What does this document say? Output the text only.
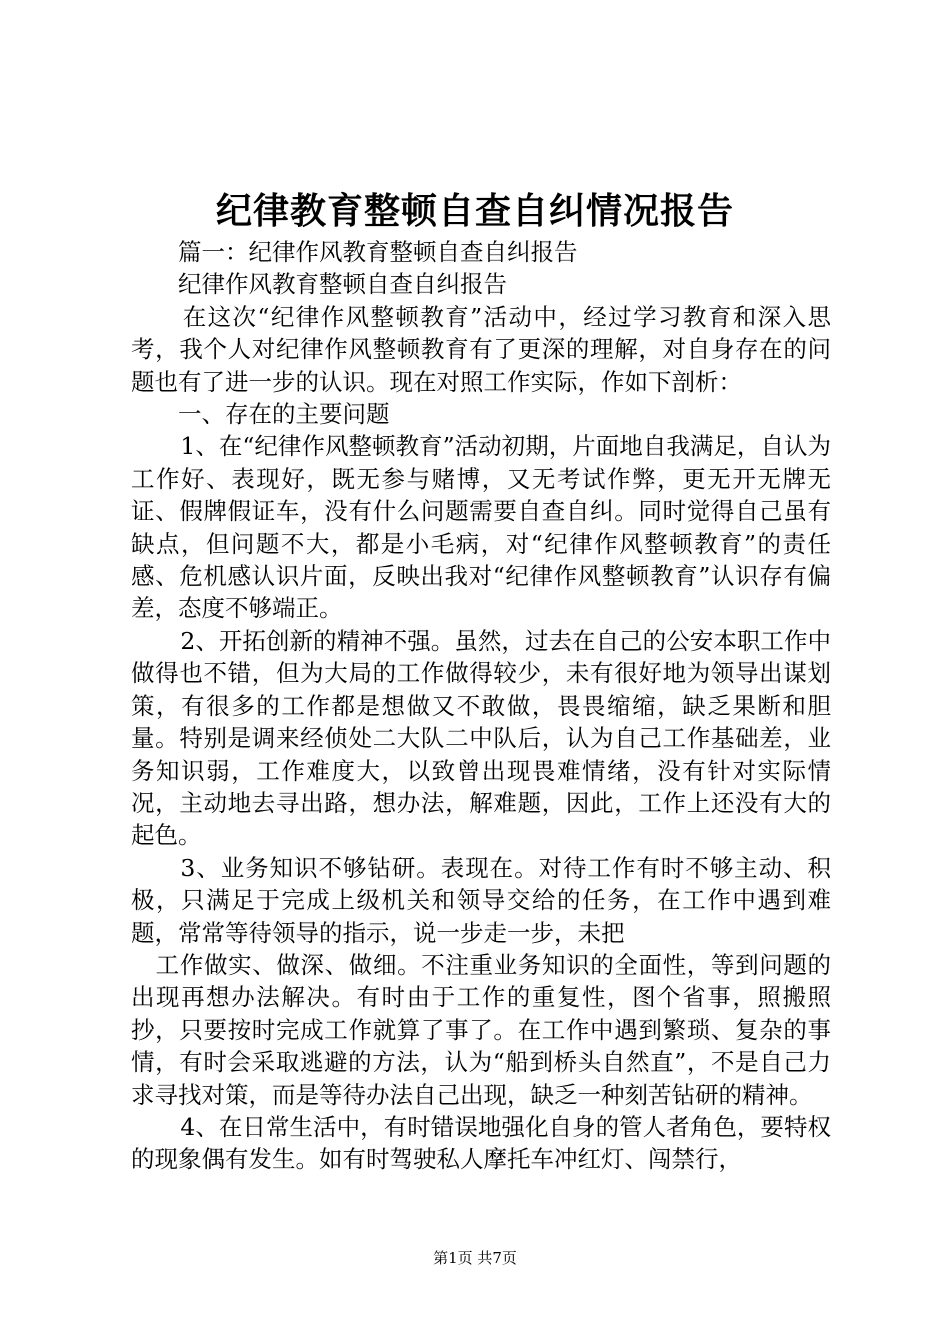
纪律教育整顿自查自纠情况报告

篇一：纪律作风教育整顿自查自纠报告

纪律作风教育整顿自查自纠报告

在这次“纪律作风整顿教育”活动中，经过学习教育和深入思考，我个人对纪律作风整顿教育有了更深的理解，对自身存在的问题也有了进一步的认识。现在对照工作实际，作如下剖析：

一、存在的主要问题

1、在“纪律作风整顿教育”活动初期，片面地自我满足，自认为工作好、表现好，既无参与赌博，又无考试作弊，更无开无牌无证、假牌假证车，没有什么问题需要自查自纠。同时觉得自己虽有缺点，但问题不大，都是小毛病，对“纪律作风整顿教育”的责任感、危机感认识片面，反映出我对“纪律作风整顿教育”认识存有偏差，态度不够端正。

2、开拓创新的精神不强。虽然，过去在自己的公安本职工作中做得也不错，但为大局的工作做得较少，未有很好地为领导出谋划策，有很多的工作都是想做又不敢做，畏畏缩缩，缺乏果断和胆量。特别是调来经侦处二大队二中队后，认为自己工作基础差，业务知识弱，工作难度大，以致曾出现畏难情绪，没有针对实际情况，主动地去寻出路，想办法，解难题，因此，工作上还没有大的起色。

3、业务知识不够钻研。表现在。对待工作有时不够主动、积极，只满足于完成上级机关和领导交给的任务，在工作中遇到难题，常常等待领导的指示，说一步走一步，未把

工作做实、做深、做细。不注重业务知识的全面性，等到问题的出现再想办法解决。有时由于工作的重复性，图个省事，照搬照抄，只要按时完成工作就算了事了。在工作中遇到繁琐、复杂的事情，有时会采取逃避的方法，认为“船到桥头自然直”，不是自己力求寻找对策，而是等待办法自己出现，缺乏一种刻苦钻研的精神。

4、在日常生活中，有时错误地强化自身的管人者角色，要特权的现象偶有发生。如有时驾驶私人摩托车冲红灯、闯禁行，

第1页 共7页
